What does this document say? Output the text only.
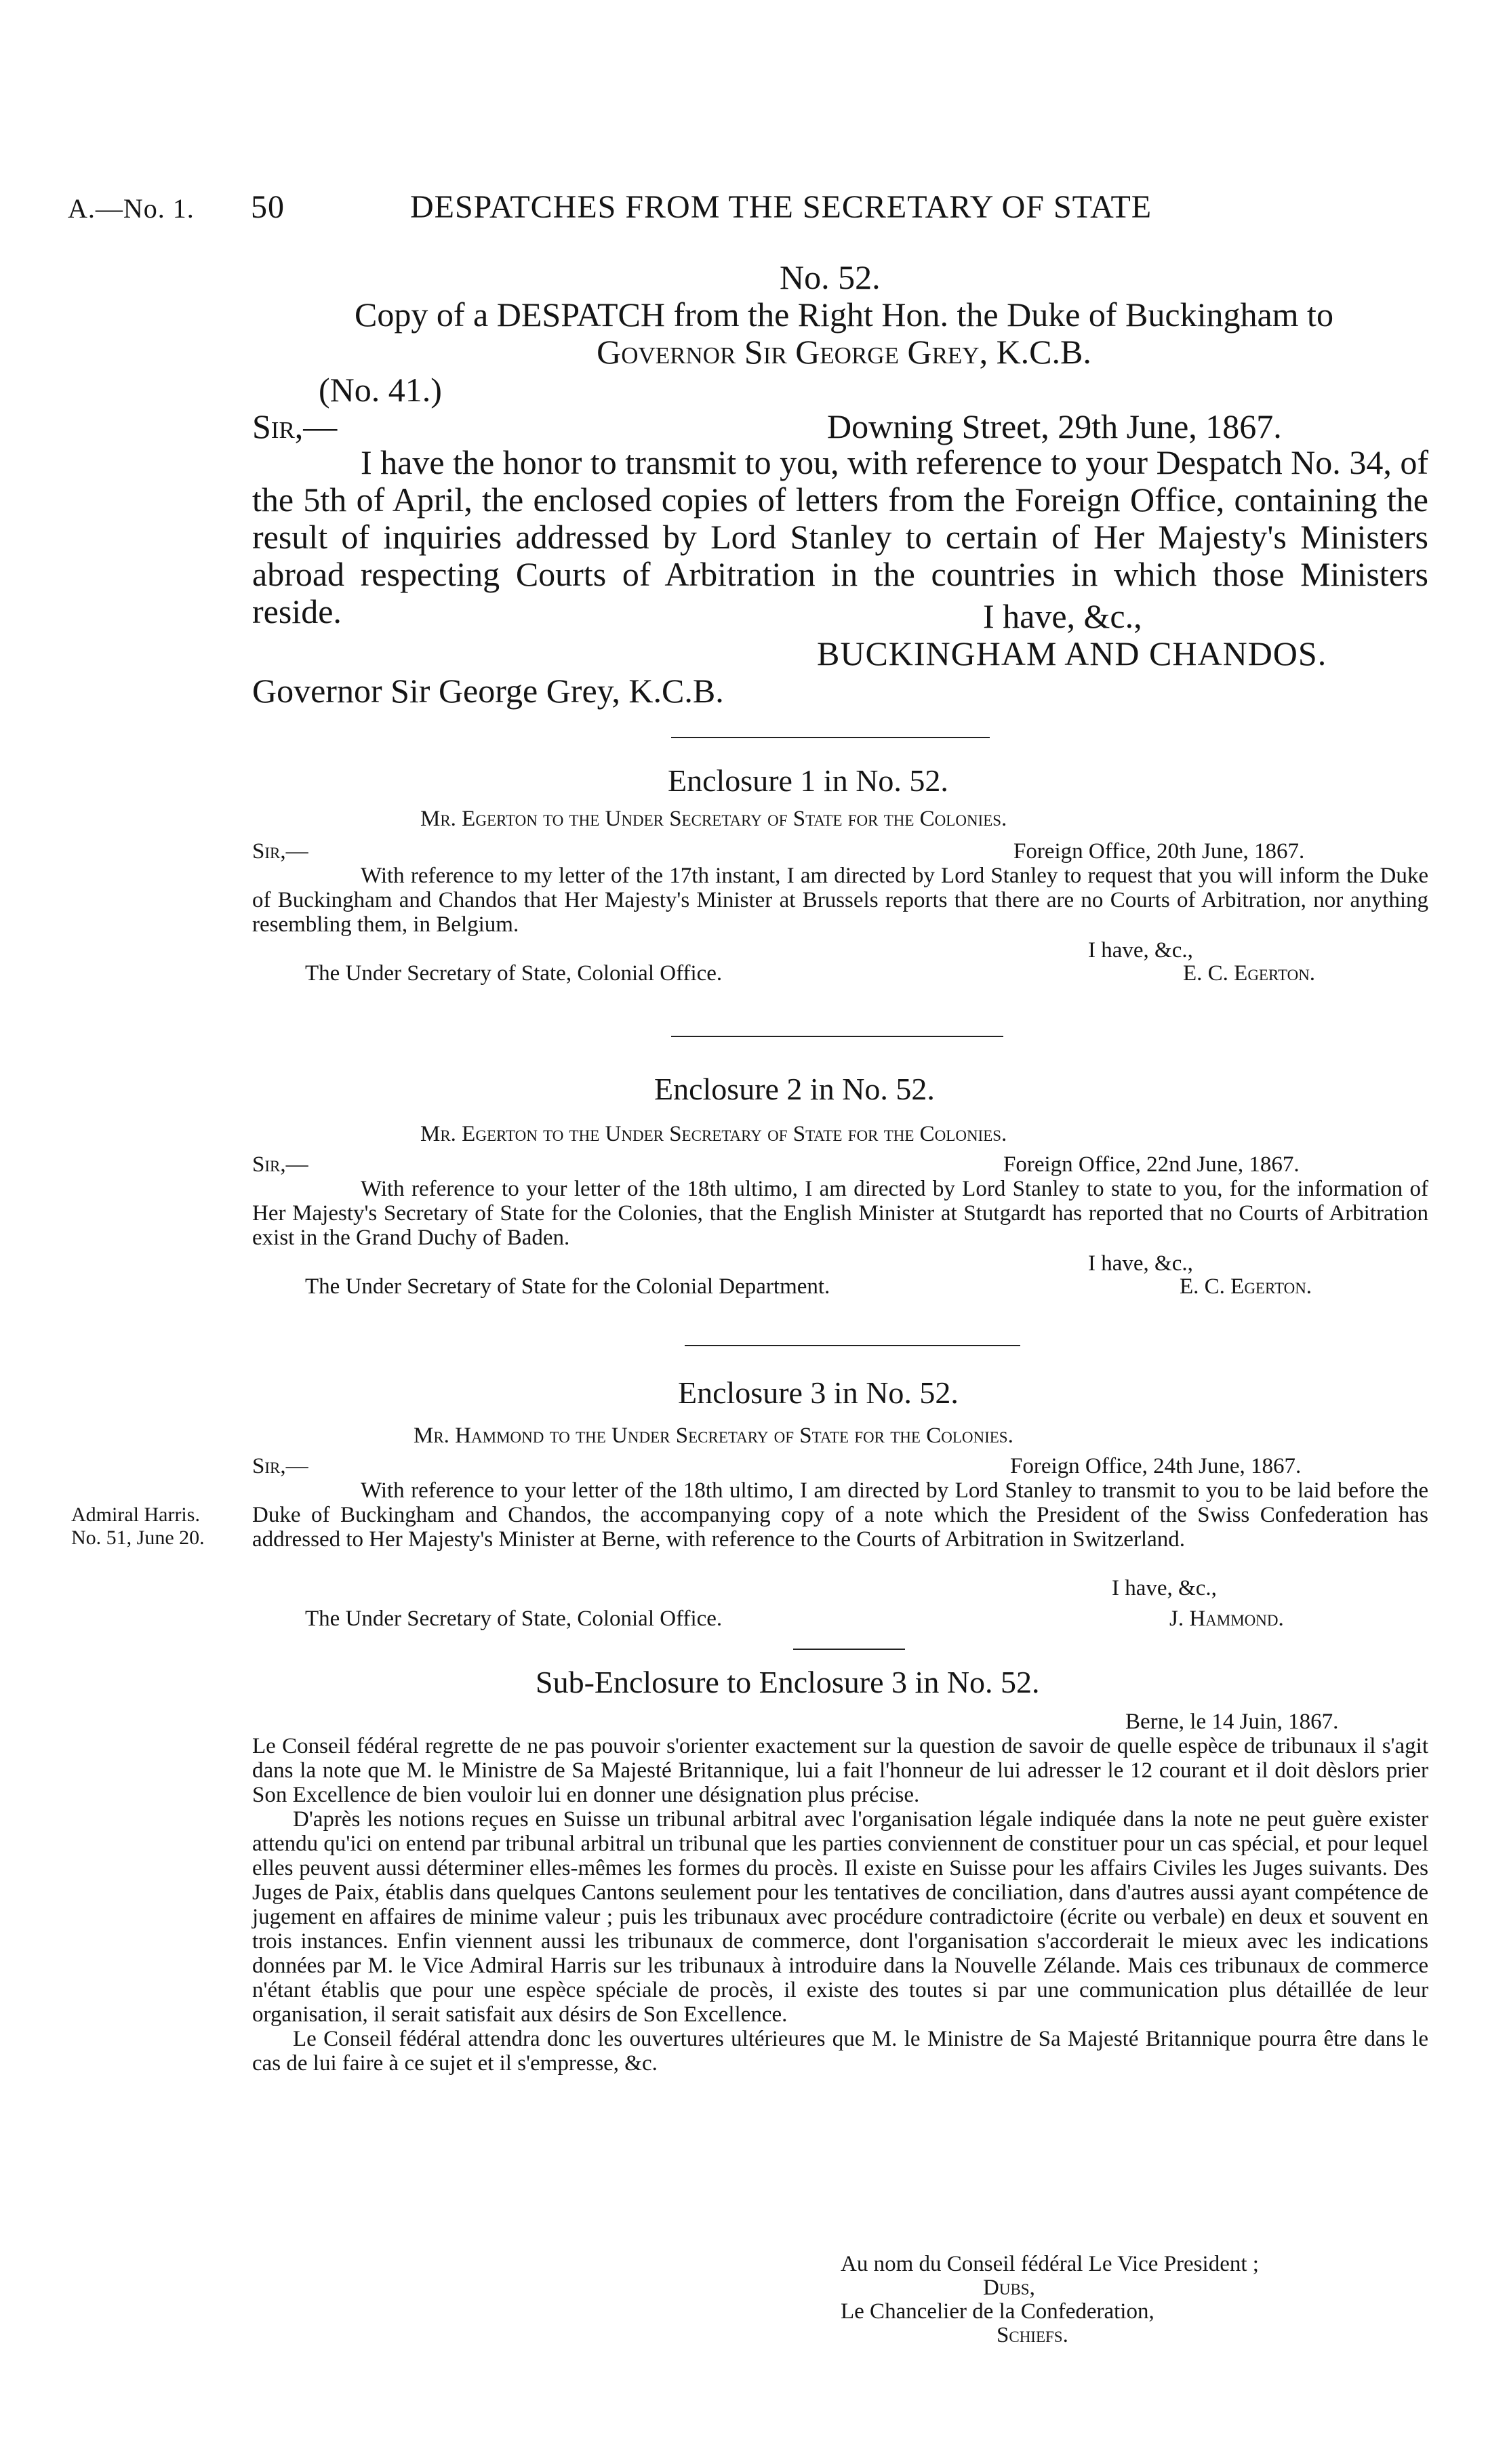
A.—No. 1. 50	DESPATCHES FROM THE SECRETARY OF STATE
No. 52.
Copy of a DESPATCH from the Right Hon. the Duke of Buckingham to
Governor Sir George Grey, K.C.B.
(No. 41.)
Sir,—	Downing Street, 29th June, 1867.
I have the honor to transmit to you, with reference to your Despatch No. 34, of the 5th of April, the enclosed copies of letters from the Foreign Office, containing the result of inquiries addressed by Lord Stanley to certain of Her Majesty's Ministers abroad respecting Courts of Arbitration in the countries in which those Ministers reside.	I have, &c.,
BUCKINGHAM AND CHANDOS.
Governor Sir George Grey, K.C.B.
Enclosure 1 in No. 52.
Mr. Egerton to the Under Secretary of State for the Colonies.
Sir,—	Foreign Office, 20th June, 1867.
With reference to my letter of the 17th instant, I am directed by Lord Stanley to request that you will inform the Duke of Buckingham and Chandos that Her Majesty's Minister at Brussels reports that there are no Courts of Arbitration, nor anything resembling them, in Belgium.
I have, &c.,
The Under Secretary of State, Colonial Office.	E. C. Egerton.
Enclosure 2 in No. 52.
Mr. Egerton to the Under Secretary of State for the Colonies.
Sir,—	Foreign Office, 22nd June, 1867.
With reference to your letter of the 18th ultimo, I am directed by Lord Stanley to state to you, for the information of Her Majesty's Secretary of State for the Colonies, that the English Minister at Stutgardt has reported that no Courts of Arbitration exist in the Grand Duchy of Baden.
I have, &c.,
The Under Secretary of State for the Colonial Department.	E. C. Egerton.
Enclosure 3 in No. 52.
Mr. Hammond to the Under Secretary of State for the Colonies.
Sir,—	Foreign Office, 24th June, 1867.
Admiral Harris.
No. 51, June 20.
With reference to your letter of the 18th ultimo, I am directed by Lord Stanley to transmit to you to be laid before the Duke of Buckingham and Chandos, the accompanying copy of a note which the President of the Swiss Confederation has addressed to Her Majesty's Minister at Berne, with reference to the Courts of Arbitration in Switzerland.
I have, &c.,
The Under Secretary of State, Colonial Office.	J. Hammond.
Sub-Enclosure to Enclosure 3 in No. 52.
Berne, le 14 Juin, 1867.

Le Conseil fédéral regrette de ne pas pouvoir s'orienter exactement sur la question de savoir de quelle espèce de tribunaux il s'agit dans la note que M. le Ministre de Sa Majesté Britannique, lui a fait l'honneur de lui adresser le 12 courant et il doit dèslors prier Son Excellence de bien vouloir lui en donner une désignation plus précise.

D'après les notions reçues en Suisse un tribunal arbitral avec l'organisation légale indiquée dans la note ne peut guère exister attendu qu'ici on entend par tribunal arbitral un tribunal que les parties conviennent de constituer pour un cas spécial, et pour lequel elles peuvent aussi déterminer elles-mêmes les formes du procès. Il existe en Suisse pour les affairs Civiles les Juges suivants. Des Juges de Paix, établis dans quelques Cantons seulement pour les tentatives de conciliation, dans d'autres aussi ayant compétence de jugement en affaires de minime valeur ; puis les tribunaux avec procédure contradictoire (écrite ou verbale) en deux et souvent en trois instances. Enfin viennent aussi les tribunaux de commerce, dont l'organisation s'accorderait le mieux avec les indications données par M. le Vice Admiral Harris sur les tribunaux à introduire dans la Nouvelle Zélande. Mais ces tribunaux de commerce n'étant établis que pour une espèce spéciale de procès, il existe des toutes si par une communication plus détaillée de leur organisation, il serait satisfait aux désirs de Son Excellence.

Le Conseil fédéral attendra donc les ouvertures ultérieures que M. le Ministre de Sa Majesté Britannique pourra être dans le cas de lui faire à ce sujet et il s'empresse, &c.

Au nom du Conseil fédéral Le Vice President ;
Dubs,
Le Chancelier de la Confederation,
Schiefs.
